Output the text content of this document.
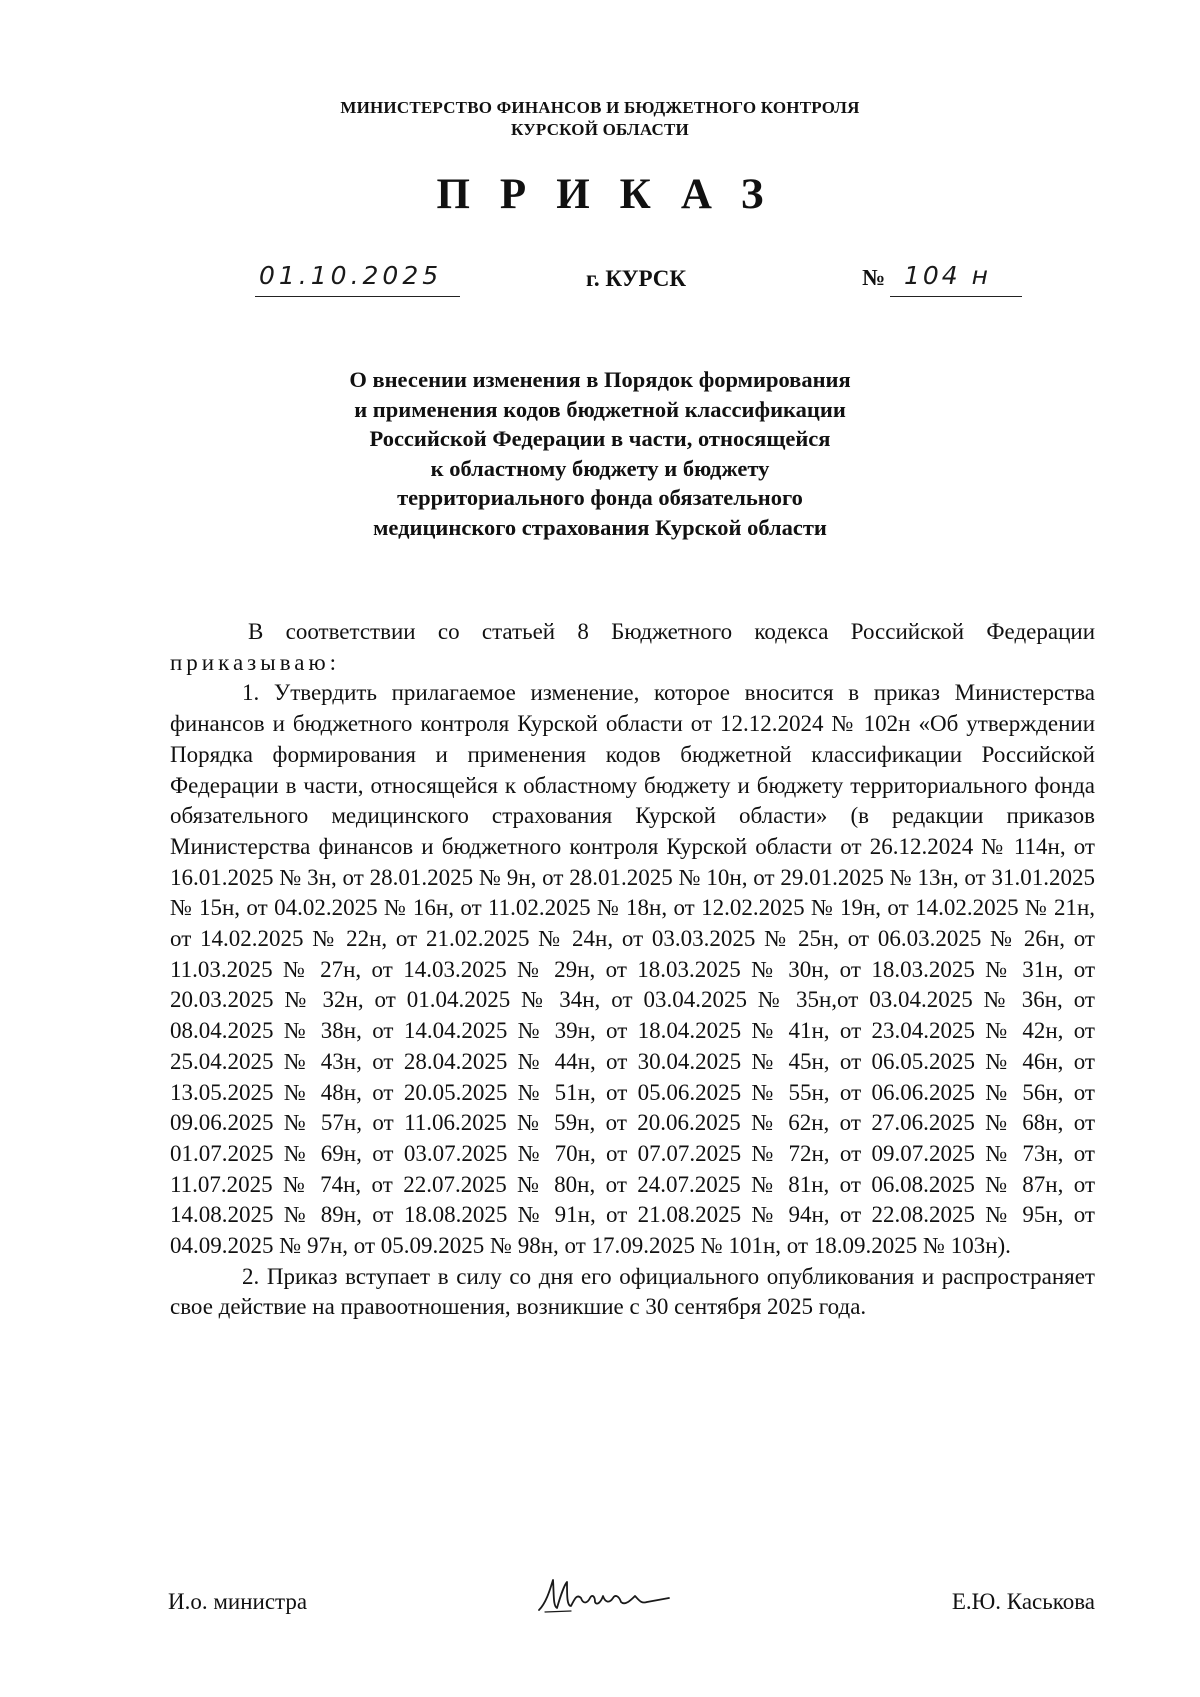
МИНИСТЕРСТВО ФИНАНСОВ И БЮДЖЕТНОГО КОНТРОЛЯ
КУРСКОЙ ОБЛАСТИ
ПРИКАЗ
01.10.2025	г. КУРСК	№ 104 н
О внесении изменения в Порядок формирования
и применения кодов бюджетной классификации
Российской Федерации в части, относящейся
к областному бюджету и бюджету
территориального фонда обязательного
медицинского страхования Курской области

В соответствии со статьей 8 Бюджетного кодекса Российской Федерации приказываю:

1. Утвердить прилагаемое изменение, которое вносится в приказ Министерства финансов и бюджетного контроля Курской области от 12.12.2024 № 102н «Об утверждении Порядка формирования и применения кодов бюджетной классификации Российской Федерации в части, относящейся к областному бюджету и бюджету территориального фонда обязательного медицинского страхования Курской области» (в редакции приказов Министерства финансов и бюджетного контроля Курской области от 26.12.2024 № 114н, от 16.01.2025 № 3н, от 28.01.2025 № 9н, от 28.01.2025 № 10н, от 29.01.2025 № 13н, от 31.01.2025 № 15н, от 04.02.2025 № 16н, от 11.02.2025 № 18н, от 12.02.2025 № 19н, от 14.02.2025 № 21н, от 14.02.2025 № 22н, от 21.02.2025 № 24н, от 03.03.2025 № 25н, от 06.03.2025 № 26н, от 11.03.2025 № 27н, от 14.03.2025 № 29н, от 18.03.2025 № 30н, от 18.03.2025 № 31н, от 20.03.2025 № 32н, от 01.04.2025 № 34н, от 03.04.2025 № 35н,от 03.04.2025 № 36н, от 08.04.2025 № 38н, от 14.04.2025 № 39н, от 18.04.2025 № 41н, от 23.04.2025 № 42н, от 25.04.2025 № 43н, от 28.04.2025 № 44н, от 30.04.2025 № 45н, от 06.05.2025 № 46н, от 13.05.2025 № 48н, от 20.05.2025 № 51н, от 05.06.2025 № 55н, от 06.06.2025 № 56н, от 09.06.2025 № 57н, от 11.06.2025 № 59н, от 20.06.2025 № 62н, от 27.06.2025 № 68н, от 01.07.2025 № 69н, от 03.07.2025 № 70н, от 07.07.2025 № 72н, от 09.07.2025 № 73н, от 11.07.2025 № 74н, от 22.07.2025 № 80н, от 24.07.2025 № 81н, от 06.08.2025 № 87н, от 14.08.2025 № 89н, от 18.08.2025 № 91н, от 21.08.2025 № 94н, от 22.08.2025 № 95н, от 04.09.2025 № 97н, от 05.09.2025 № 98н, от 17.09.2025 № 101н, от 18.09.2025 № 103н).

2. Приказ вступает в силу со дня его официального опубликования и распространяет свое действие на правоотношения, возникшие с 30 сентября 2025 года.

И.о. министра	Е.Ю. Каськова
